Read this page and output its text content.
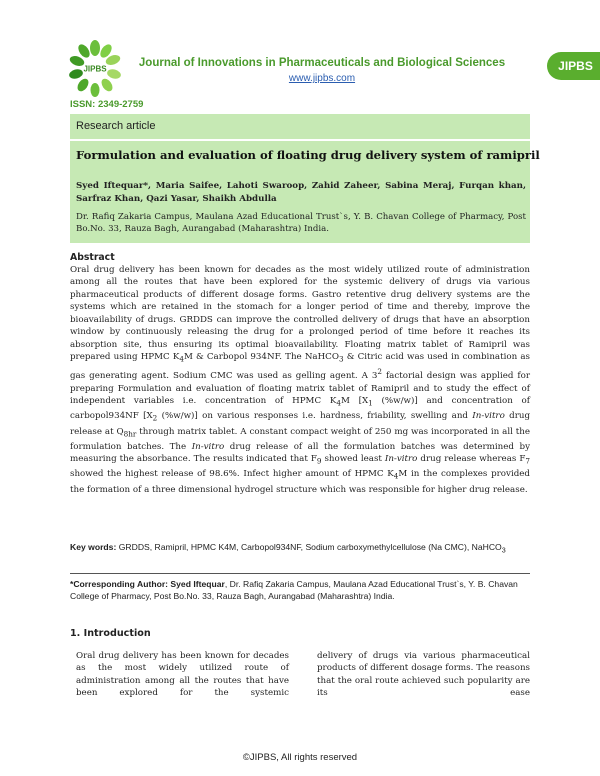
JIPBS	Journal of Innovations in Pharmaceuticals and Biological Sciences
www.jipbs.com
JIPBS
ISSN: 2349-2759
Research article
Formulation and evaluation of floating drug delivery system of ramipril
Syed Iftequar*, Maria Saifee, Lahoti Swaroop, Zahid Zaheer, Sabina Meraj, Furqan khan, Sarfraz Khan, Qazi Yasar, Shaikh Abdulla
Dr. Rafiq Zakaria Campus, Maulana Azad Educational Trust`s, Y. B. Chavan College of Pharmacy, Post Bo.No. 33, Rauza Bagh, Aurangabad (Maharashtra) India.
Abstract
Oral drug delivery has been known for decades as the most widely utilized route of administration among all the routes that have been explored for the systemic delivery of drugs via various pharmaceutical products of different dosage forms. Gastro retentive drug delivery systems are the systems which are retained in the stomach for a longer period of time and thereby, improve the bioavailability of drugs. GRDDS can improve the controlled delivery of drugs that have an absorption window by continuously releasing the drug for a prolonged period of time before it reaches its absorption site, thus ensuring its optimal bioavailability. Floating matrix tablet of Ramipril was prepared using HPMC $K_4M$ & Carbopol 934NF. The NaHCO$_3$ & Citric acid was used in combination as gas generating agent. Sodium CMC was used as gelling agent. A $3^2$ factorial design was applied for preparing Formulation and evaluation of floating matrix tablet of Ramipril and to study the effect of independent variables i.e. concentration of HPMC $K_4M$ [$X_1$ (%w/w)] and concentration of carbopol934NF [$X_2$ (%w/w)] on various responses i.e. hardness, friability, swelling and In-vitro drug release at $Q_{8hr}$ through matrix tablet. A constant compact weight of 250 mg was incorporated in all the formulation batches. The In-vitro drug release of all the formulation batches was determined by measuring the absorbance. The results indicated that $F_9$ showed least In-vitro drug release whereas $F_7$ showed the highest release of 98.6%. Infect higher amount of HPMC $K_4M$ in the complexes provided the formation of a three dimensional hydrogel structure which was responsible for higher drug release.
Key words: GRDDS, Ramipril, HPMC K4M, Carbopol934NF, Sodium carboxymethylcellulose (Na CMC), NaHCO$_3$
*Corresponding Author: Syed Iftequar, Dr. Rafiq Zakaria Campus, Maulana Azad Educational Trust`s, Y. B. Chavan College of Pharmacy, Post Bo.No. 33, Rauza Bagh, Aurangabad (Maharashtra) India.
1. Introduction
Oral drug delivery has been known for decades as the most widely utilized route of administration among all the routes that have been explored for the systemic
delivery of drugs via various pharmaceutical products of different dosage forms. The reasons that the oral route achieved such popularity are its ease
©JIPBS, All rights reserved
